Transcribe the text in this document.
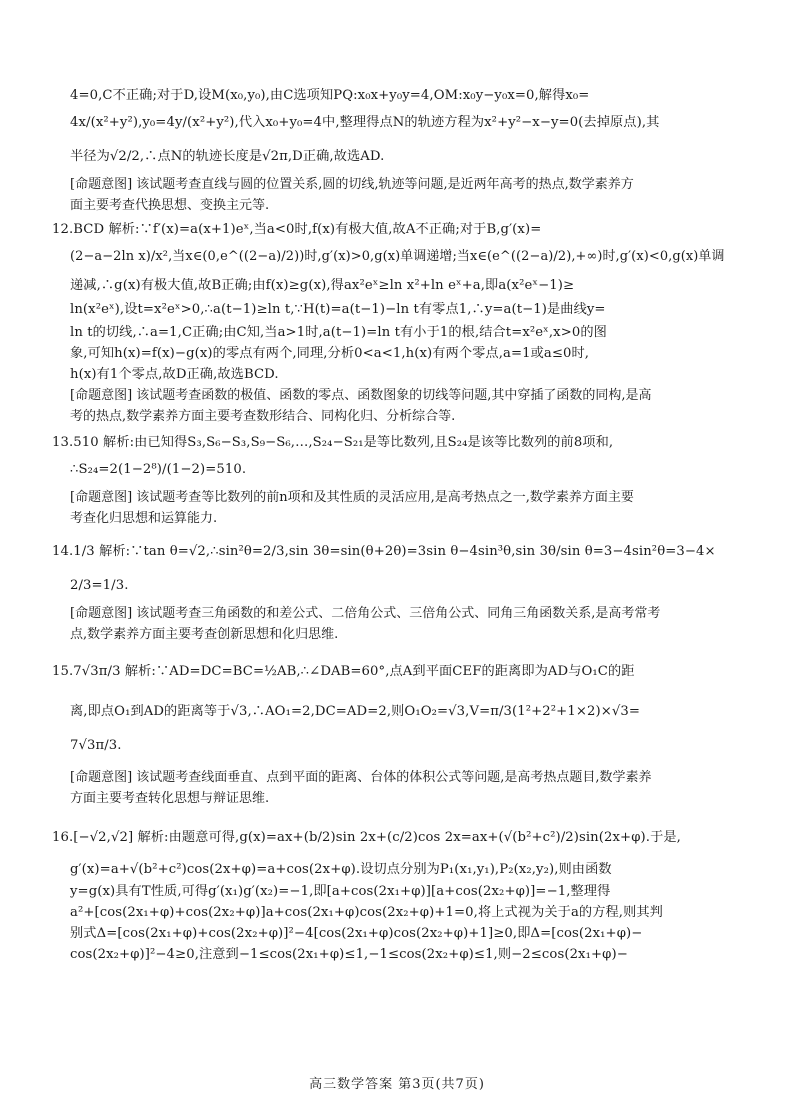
4=0,C不正确;对于D,设M(x₀,y₀),由C选项知PQ:x₀x+y₀y=4,OM:x₀y−y₀x=0,解得x₀=
4x/(x²+y²),y₀=4y/(x²+y²),代入x₀+y₀=4中,整理得点N的轨迹方程为x²+y²−x−y=0(去掉原点),其
半径为√2/2,∴点N的轨迹长度是√2π,D正确,故选AD.
[命题意图] 该试题考查直线与圆的位置关系,圆的切线,轨迹等问题,是近两年高考的热点,数学素养方
面主要考查代换思想、变换主元等.
12.BCD 解析:∵f′(x)=a(x+1)eˣ,当a<0时,f(x)有极大值,故A不正确;对于B,g′(x)=
(2−a−2ln x)/x²,当x∈(0,e^((2−a)/2))时,g′(x)>0,g(x)单调递增;当x∈(e^((2−a)/2),+∞)时,g′(x)<0,g(x)单调
递减,∴g(x)有极大值,故B正确;由f(x)≥g(x),得ax²eˣ≥ln x²+ln eˣ+a,即a(x²eˣ−1)≥
ln(x²eˣ),设t=x²eˣ>0,∴a(t−1)≥ln t,∵H(t)=a(t−1)−ln t有零点1,∴y=a(t−1)是曲线y=
ln t的切线,∴a=1,C正确;由C知,当a>1时,a(t−1)=ln t有小于1的根,结合t=x²eˣ,x>0的图
象,可知h(x)=f(x)−g(x)的零点有两个,同理,分析0<a<1,h(x)有两个零点,a=1或a≤0时,
h(x)有1个零点,故D正确,故选BCD.
[命题意图] 该试题考查函数的极值、函数的零点、函数图象的切线等问题,其中穿插了函数的同构,是高
考的热点,数学素养方面主要考查数形结合、同构化归、分析综合等.
13.510 解析:由已知得S₃,S₆−S₃,S₉−S₆,…,S₂₄−S₂₁是等比数列,且S₂₄是该等比数列的前8项和,
∴S₂₄=2(1−2⁸)/(1−2)=510.
[命题意图] 该试题考查等比数列的前n项和及其性质的灵活应用,是高考热点之一,数学素养方面主要
考查化归思想和运算能力.
14.1/3 解析:∵tan θ=√2,∴sin²θ=2/3,sin 3θ=sin(θ+2θ)=3sin θ−4sin³θ,sin 3θ/sin θ=3−4sin²θ=3−4×
2/3=1/3.
[命题意图] 该试题考查三角函数的和差公式、二倍角公式、三倍角公式、同角三角函数关系,是高考常考
点,数学素养方面主要考查创新思想和化归思维.
15.7√3π/3 解析:∵AD=DC=BC=½AB,∴∠DAB=60°,点A到平面CEF的距离即为AD与O₁C的距
离,即点O₁到AD的距离等于√3,∴AO₁=2,DC=AD=2,则O₁O₂=√3,V=π/3(1²+2²+1×2)×√3=
7√3π/3.
[命题意图] 该试题考查线面垂直、点到平面的距离、台体的体积公式等问题,是高考热点题目,数学素养
方面主要考查转化思想与辩证思维.
16.[−√2,√2] 解析:由题意可得,g(x)=ax+(b/2)sin 2x+(c/2)cos 2x=ax+(√(b²+c²)/2)sin(2x+φ).于是,
g′(x)=a+√(b²+c²)cos(2x+φ)=a+cos(2x+φ).设切点分别为P₁(x₁,y₁),P₂(x₂,y₂),则由函数
y=g(x)具有T性质,可得g′(x₁)g′(x₂)=−1,即[a+cos(2x₁+φ)][a+cos(2x₂+φ)]=−1,整理得
a²+[cos(2x₁+φ)+cos(2x₂+φ)]a+cos(2x₁+φ)cos(2x₂+φ)+1=0,将上式视为关于a的方程,则其判
别式Δ=[cos(2x₁+φ)+cos(2x₂+φ)]²−4[cos(2x₁+φ)cos(2x₂+φ)+1]≥0,即Δ=[cos(2x₁+φ)−
cos(2x₂+φ)]²−4≥0,注意到−1≤cos(2x₁+φ)≤1,−1≤cos(2x₂+φ)≤1,则−2≤cos(2x₁+φ)−
高三数学答案 第3页(共7页)
